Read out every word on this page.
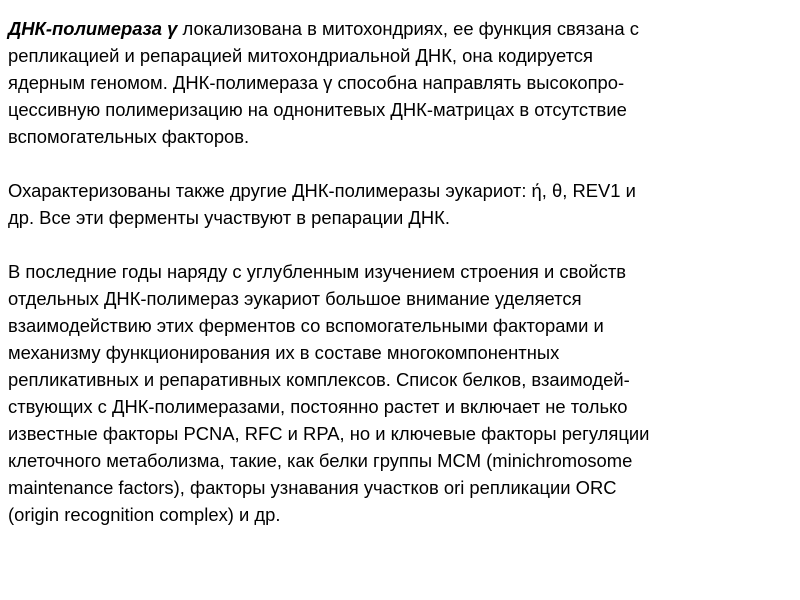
ДНК-полимераза γ локализована в митохондриях, ее функция связана с
репликацией и репарацией митохондриальной ДНК, она кодируется
ядерным геномом. ДНК-полимераза γ способна направлять высокопро-
цессивную полимеризацию на однонитевых ДНК-матрицах в отсутствие
вспомогательных факторов.

Охарактеризованы также другие ДНК-полимеразы эукариот: ή, θ, REV1 и
др. Все эти ферменты участвуют в репарации ДНК.

В последние годы наряду с углубленным изучением строения и свойств
отдельных ДНК-полимераз эукариот большое внимание уделяется
взаимодействию этих ферментов со вспомогательными факторами и
механизму функционирования их в составе многокомпонентных
репликативных и репаративных комплексов. Список белков, взаимодей-
ствующих с ДНК-полимеразами, постоянно растет и включает не только
известные факторы PCNA, RFC и RPA, но и ключевые факторы регуляции
клеточного метаболизма, такие, как белки группы MCM (minichromosome
maintenance factors), факторы узнавания участков ori репликации ORC
(origin recognition complex) и др.
